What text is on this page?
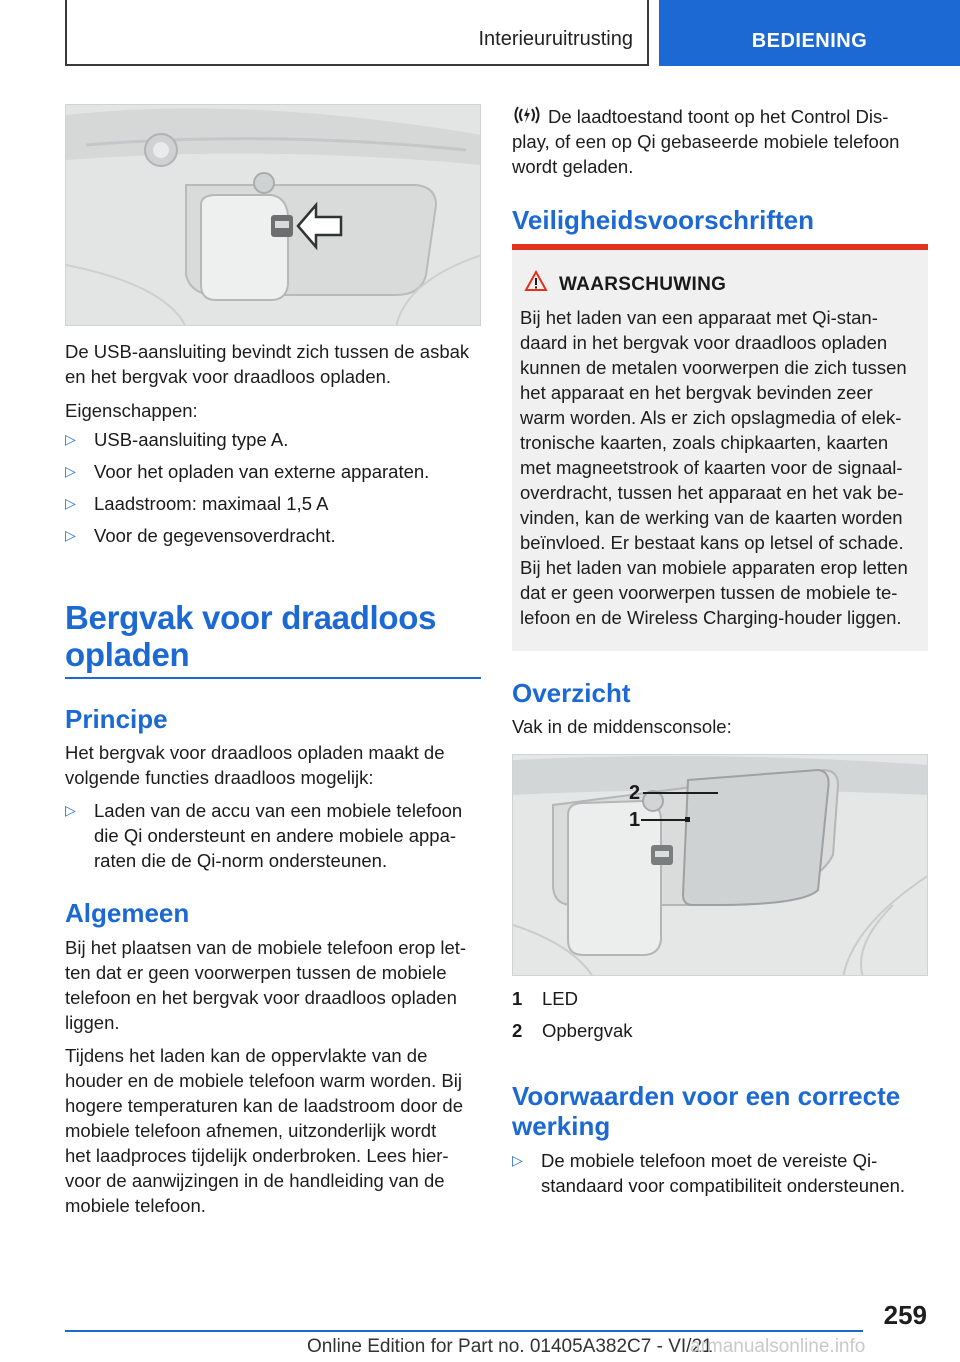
Interieuruitrusting	BEDIENING

De USB-aansluiting bevindt zich tussen de asbak

en het bergvak voor draadloos opladen.

Eigenschappen:

▷ USB-aansluiting type A.
▷ Voor het opladen van externe apparaten.
▷ Laadstroom: maximaal 1,5 A
▷ Voor de gegevensoverdracht.
Bergvak voor draadloos
opladen
Principe

Het bergvak voor draadloos opladen maakt de

volgende functies draadloos mogelijk:

▷ Laden van de accu van een mobiele telefoon
die Qi ondersteunt en andere mobiele appa-
raten die de Qi-norm ondersteunen.
Algemeen

Bij het plaatsen van de mobiele telefoon erop let-

ten dat er geen voorwerpen tussen de mobiele

telefoon en het bergvak voor draadloos opladen

liggen.

Tijdens het laden kan de oppervlakte van de

houder en de mobiele telefoon warm worden. Bij

hogere temperaturen kan de laadstroom door de

mobiele telefoon afnemen, uitzonderlijk wordt

het laadproces tijdelijk onderbroken. Lees hier-

voor de aanwijzingen in de handleiding van de

mobiele telefoon.

De laadtoestand toont op het Control Dis-

play, of een op Qi gebaseerde mobiele telefoon

wordt geladen.

Veiligheidsvoorschriften
WAARSCHUWING

Bij het laden van een apparaat met Qi-stan-

daard in het bergvak voor draadloos opladen

kunnen de metalen voorwerpen die zich tussen

het apparaat en het bergvak bevinden zeer

warm worden. Als er zich opslagmedia of elek-

tronische kaarten, zoals chipkaarten, kaarten

met magneetstrook of kaarten voor de signaal-

overdracht, tussen het apparaat en het vak be-

vinden, kan de werking van de kaarten worden

beïnvloed. Er bestaat kans op letsel of schade.

Bij het laden van mobiele apparaten erop letten

dat er geen voorwerpen tussen de mobiele te-

lefoon en de Wireless Charging-houder liggen.

Overzicht

Vak in de middensconsole:

2
1
1 LED
2 Opbergvak
Voorwaarden voor een correcte
werking
▷ De mobiele telefoon moet de vereiste Qi-
standaard voor compatibiliteit ondersteunen.
259
Online Edition for Part no. 01405A382C7 - VI/21
armanualsonline.info
